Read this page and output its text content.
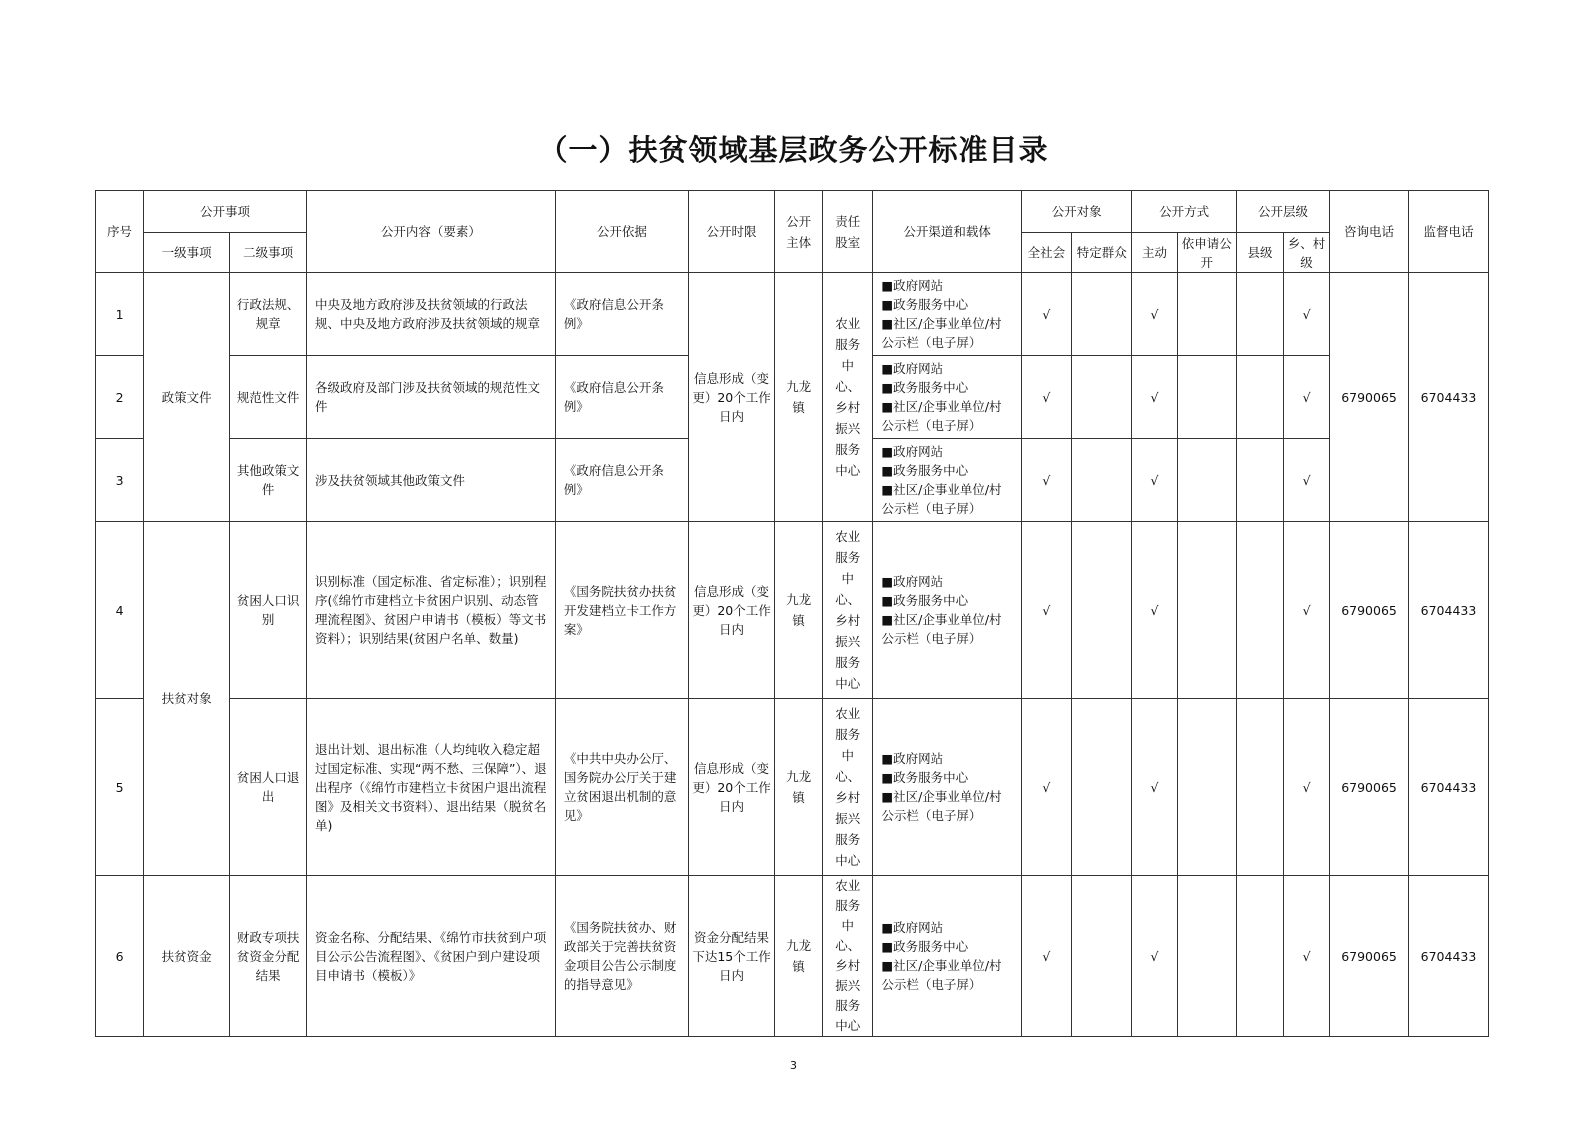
（一）扶贫领域基层政务公开标准目录
序号	公开事项		公开内容（要素）	公开依据	公开时限	公开主体	责任股室	公开渠道和载体	公开对象		公开方式		公开层级		咨询电话	监督电话
	一级事项	二级事项							全社会	特定群众	主动	依申请公开	县级	乡、村级		
1	政策文件	行政法规、规章	中央及地方政府涉及扶贫领域的行政法规、中央及地方政府涉及扶贫领域的规章	《政府信息公开条例》	信息形成（变更）20个工作日内	九龙镇	农业服务中心、乡村振兴服务中心	■政府网站
■政务服务中心
■社区/企事业单位/村公示栏（电子屏）	√		√			√	6790065	6704433
2		规范性文件	各级政府及部门涉及扶贫领域的规范性文件	《政府信息公开条例》				■政府网站
■政务服务中心
■社区/企事业单位/村公示栏（电子屏）	√		√			√		
3		其他政策文件	涉及扶贫领域其他政策文件	《政府信息公开条例》				■政府网站
■政务服务中心
■社区/企事业单位/村公示栏（电子屏）	√		√			√		
4	扶贫对象	贫困人口识别	识别标准（国定标准、省定标准）；识别程序(《绵竹市建档立卡贫困户识别、动态管理流程图》、贫困户申请书（模板）等文书资料）；识别结果(贫困户名单、数量)	《国务院扶贫办扶贫开发建档立卡工作方案》	信息形成（变更）20个工作日内	九龙镇	农业服务中心、乡村振兴服务中心	■政府网站
■政务服务中心
■社区/企事业单位/村公示栏（电子屏）	√		√			√	6790065	6704433
5		贫困人口退出	退出计划、退出标准（人均纯收入稳定超过国定标准、实现“两不愁、三保障”）、退出程序（《绵竹市建档立卡贫困户退出流程图》及相关文书资料）、退出结果（脱贫名单)	《中共中央办公厅、国务院办公厅关于建立贫困退出机制的意见》	信息形成（变更）20个工作日内	九龙镇	农业服务中心、乡村振兴服务中心	■政府网站
■政务服务中心
■社区/企事业单位/村公示栏（电子屏）	√		√			√	6790065	6704433
6	扶贫资金	财政专项扶贫资金分配结果	资金名称、分配结果、《绵竹市扶贫到户项目公示公告流程图》、《贫困户到户建设项目申请书（模板）》	《国务院扶贫办、财政部关于完善扶贫资金项目公告公示制度的指导意见》	资金分配结果下达15个工作日内	九龙镇	农业服务中心、乡村振兴服务中心	■政府网站
■政务服务中心
■社区/企事业单位/村公示栏（电子屏）	√		√			√	6790065	6704433
3
